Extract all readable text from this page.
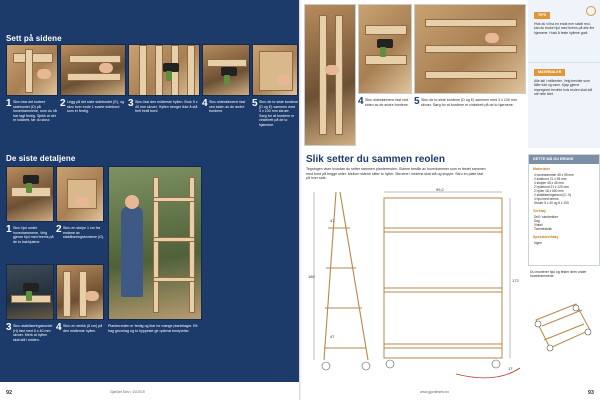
Sett på sidene
De siste detaljene
1 Skru fast det kortere sidebordet (D) på hovedrammene, som du nå har lagt ferdig. Sjekk at det er loddrett, før du skrur.
2 Legg på det siste sidebordet (E), og skru hver ende 1 svarte sidebord som er ferdig.
3 Skru fast den midterste hyllen. Bruk 5 x 40 mm skruer. Hyllen trenger ikke å stå helt inntil bord.
4 Skru sideskinnene fast ved siden av de andre bordene.
5 Skru de to siste bordene (D og E) sammen med 3 x 100 mm skruer. Sørg for at bordene er vinkelrett på de to hjørnene.
1 Skru hjul under hovedrammene. Velg gjerne hjul med brems på de to bakhjulene.
2 Skru en stolpe 1 cm fra endene av stabiliseringsbordene (G).
3 Skru stabiliseringsbordet (H) fast med 5 x 40 mm skruer. Merk at hyllen skal stå i midten.
4 Skru en strekk (8 cm) på den midterste hyllen.
Planterreolen er ferdig og klar for mange plantelager. Ett hag grunnlag og to hyppeste gir optimal bestyrelse.
GjørDet Selv • 10/2019
92
4 Skru sideskinnene fast ved siden av de andre bordene. 5 Skru de to siste bordene (D og E) sammen med 3 x 100 mm skruer. Sørg for at bordene er vinkelrett på de to hjørnene.
TIPS
Hvis du vil ha en enda mer stabil reol, kan du bruke hjul med brems på alle fire hjørnene. Husk å feste hyllene godt.
MATERIALER
Alle tall i millimeter. Velg trevirke som tåler fukt og vann. Kjøp gjerne impregnert trevirke hvis reolen skal stå ute hele året.
Slik setter du sammen reolen

Tegningen viser hvordan du setter sammen planterreolen. Sidene består av hovedrammer som er festet sammen med bord på begge sider. Mellom sidene sitter to hyller. Skruene i nederst skal stå og stoppe. Skru en plate fast på hver side.

180
47
47
99,2
172
17
DETTE MÅ DU BRUKE
Materialer
4 hovedrammer 45 x 95 mm
2 sidebord 21 x 95 mm
4 stolper 45 x 45 mm
2 hyllebord 21 x 120 mm
2 hyller 18 x 600 mm
2 stabiliseringsbord (G, H)
4 hjul med brems
Skruer 5 x 40 og 5 x 100
Verktøy
Drill / skrutrekker
Sag
Vinkel
Tommestokk
Spesialverktøy
Ingen
Du monterer hjul og fester dem under hovedrammene.
www.gjordetselv.no	93
